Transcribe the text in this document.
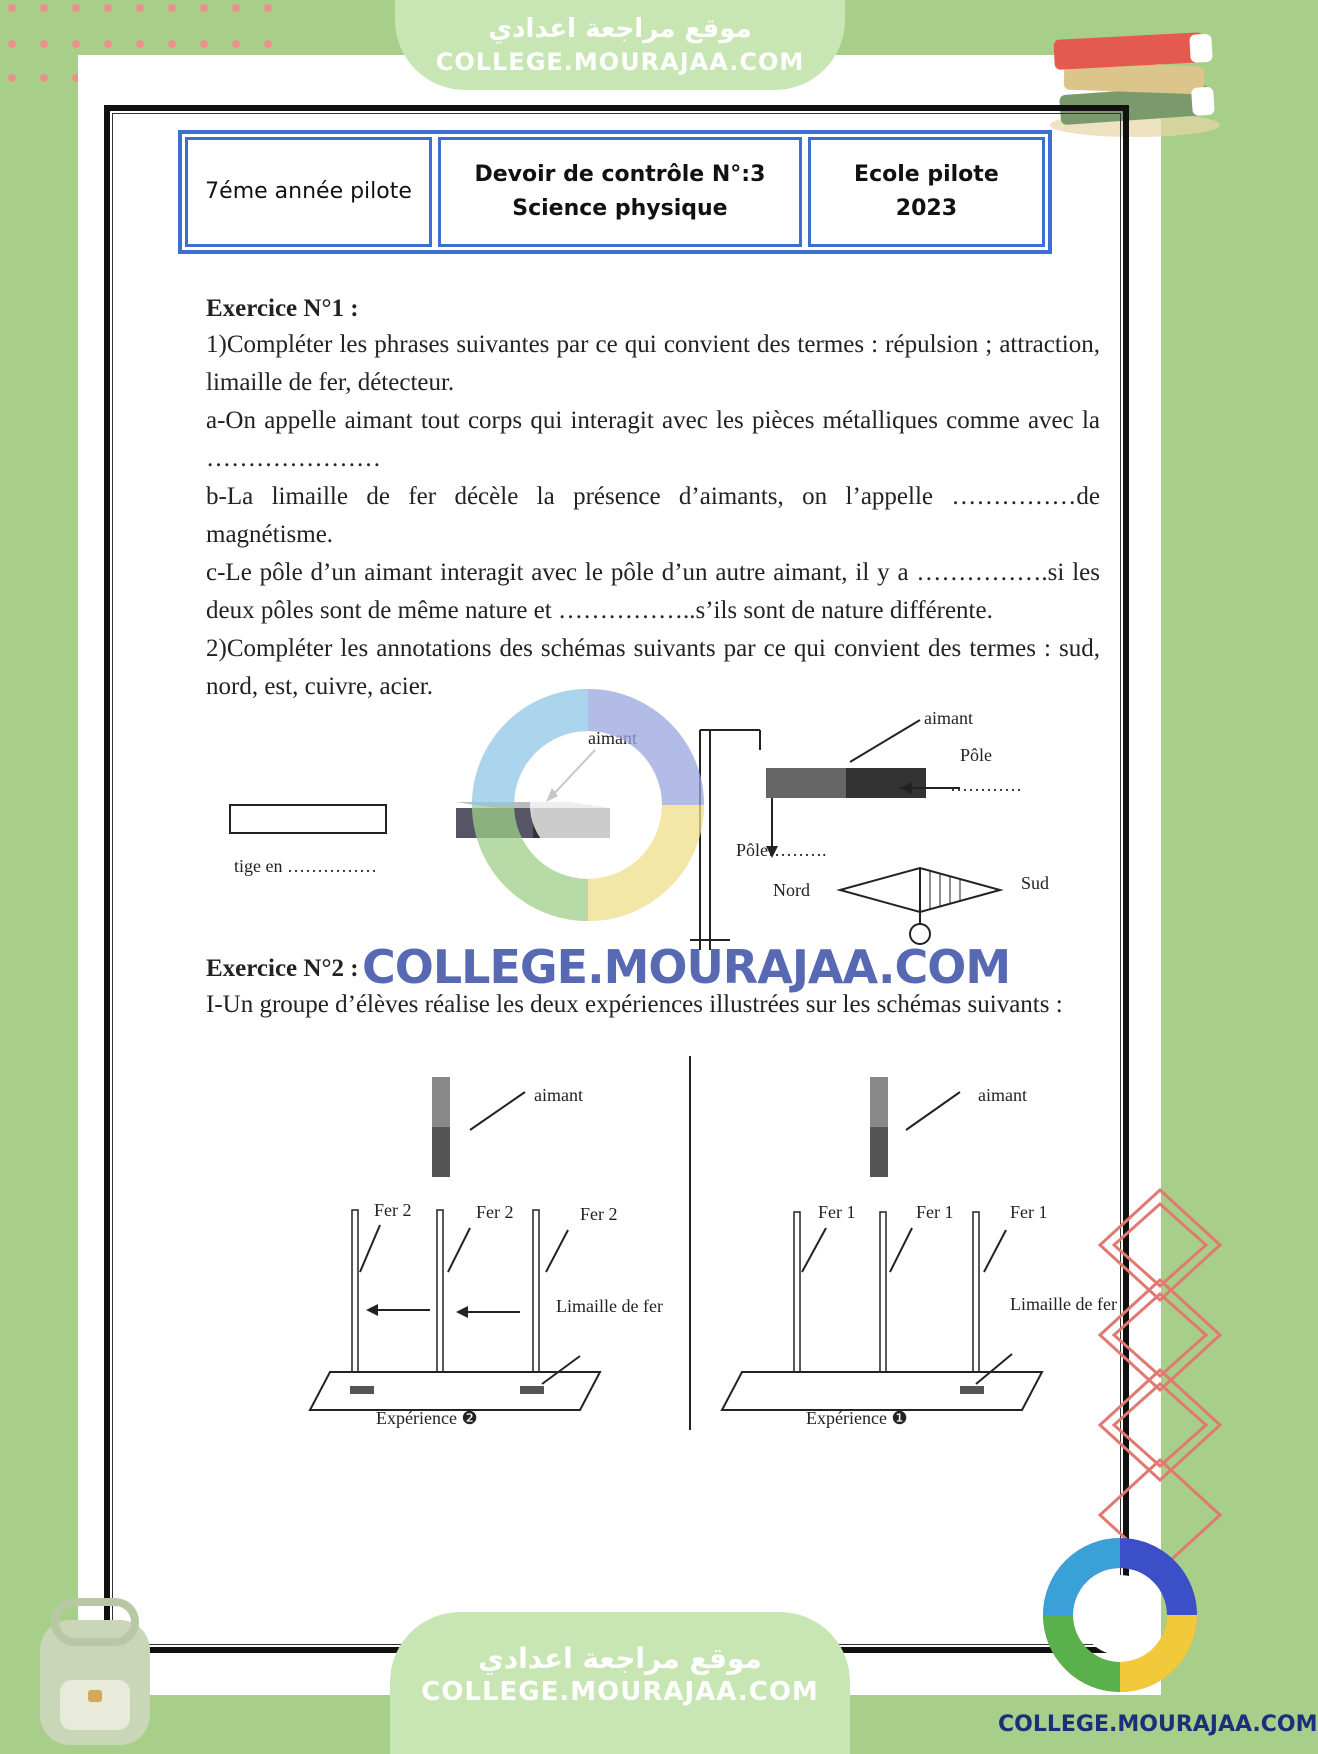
موقع مراجعة اعدادي
COLLEGE.MOURAJAA.COM
7éme année pilote
Devoir de contrôle N°:3
Science physique
Ecole pilote
2023
Exercice N°1 :
1)Compléter les phrases suivantes par ce qui convient des termes : répulsion ; attraction, limaille de fer, détecteur.
a-On appelle aimant tout corps qui interagit avec les pièces métalliques comme avec la …………………
b-La limaille de fer décèle la présence d’aimants, on l’appelle ……………de magnétisme.
c-Le pôle d’un aimant interagit avec le pôle d’un autre aimant, il y a …………….si les deux pôles sont de même nature et ……………..s’ils sont de nature différente.
2)Compléter les annotations des schémas suivants par ce qui convient des termes : sud, nord, est, cuivre, acier.
aimant
tige en ……………
aimant
Pôle
…………
Pôle……….
Nord	Sud
COLLEGE.MOURAJAA.COM
Exercice N°2 :
I-Un groupe d’élèves réalise les deux expériences illustrées sur les schémas suivants :
aimant
Fer 2	Fer 2	Fer 2
Limaille de fer
Expérience ❷
aimant
Fer 1	Fer 1	Fer 1
Limaille de fer
Expérience ❶
موقع مراجعة اعدادي
COLLEGE.MOURAJAA.COM
COLLEGE.MOURAJAA.COM
